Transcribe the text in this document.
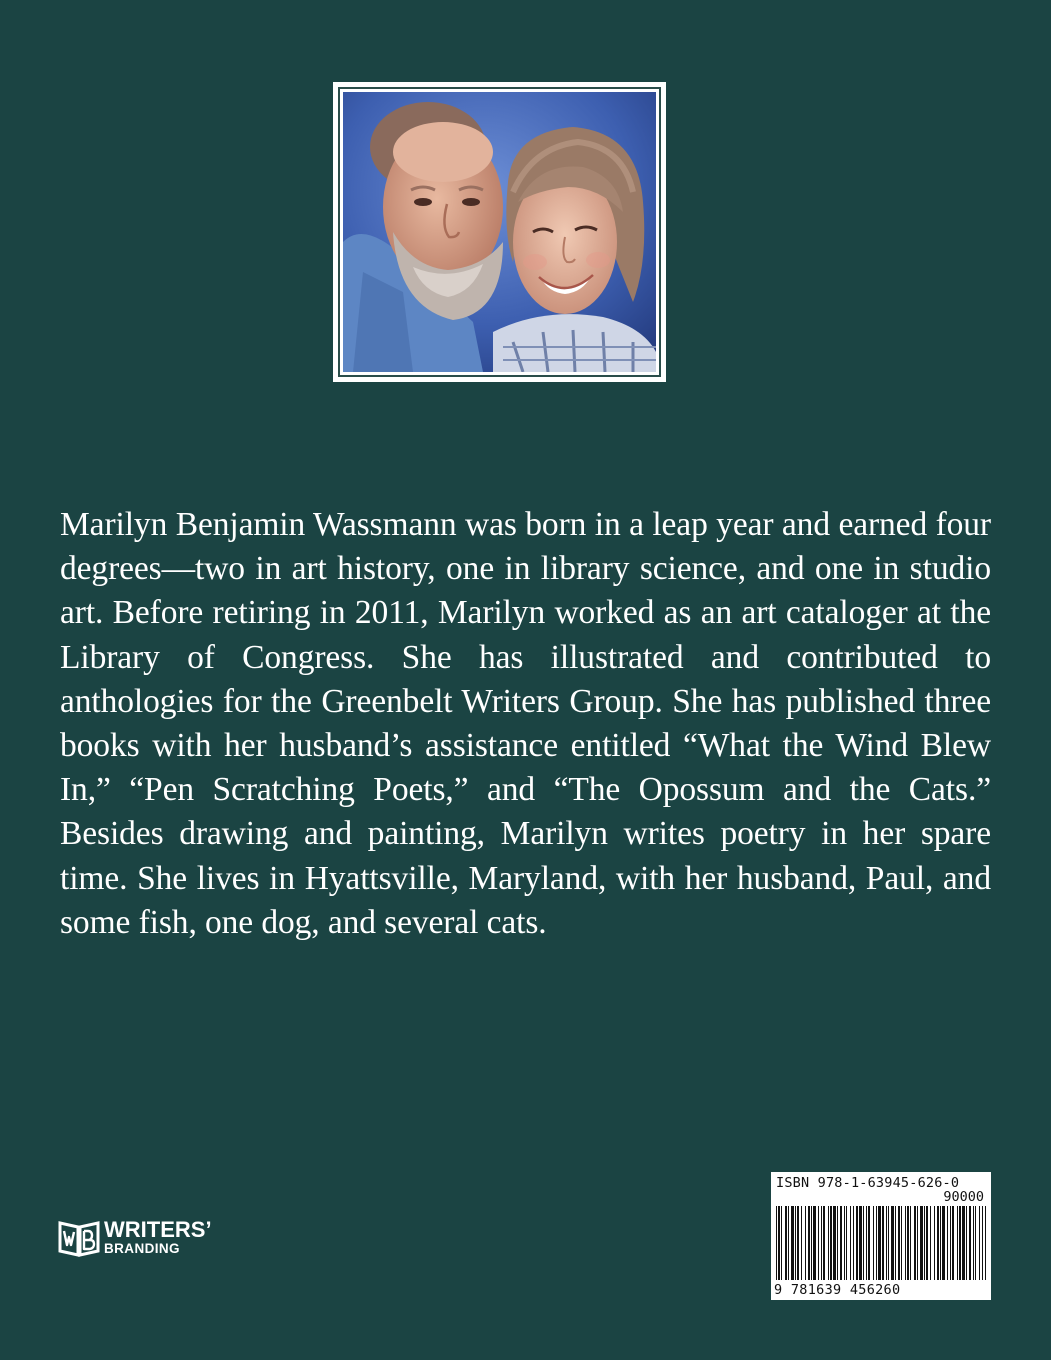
Marilyn Benjamin Wassmann was born in a leap year and earned four degrees—two in art history, one in library science, and one in studio art. Before retiring in 2011, Marilyn worked as an art cataloger at the Library of Congress. She has illustrated and contributed to anthologies for the Greenbelt Writers Group. She has published three books with her husband’s assistance entitled “What the Wind Blew In,” “Pen Scratching Poets,” and “The Opossum and the Cats.” Besides drawing and painting, Marilyn writes poetry in her spare time. She lives in Hyattsville, Maryland, with her husband, Paul, and some fish, one dog, and several cats.

WRITERS’
BRANDING
ISBN 978-1-63945-626-0
90000
9 781639 456260
